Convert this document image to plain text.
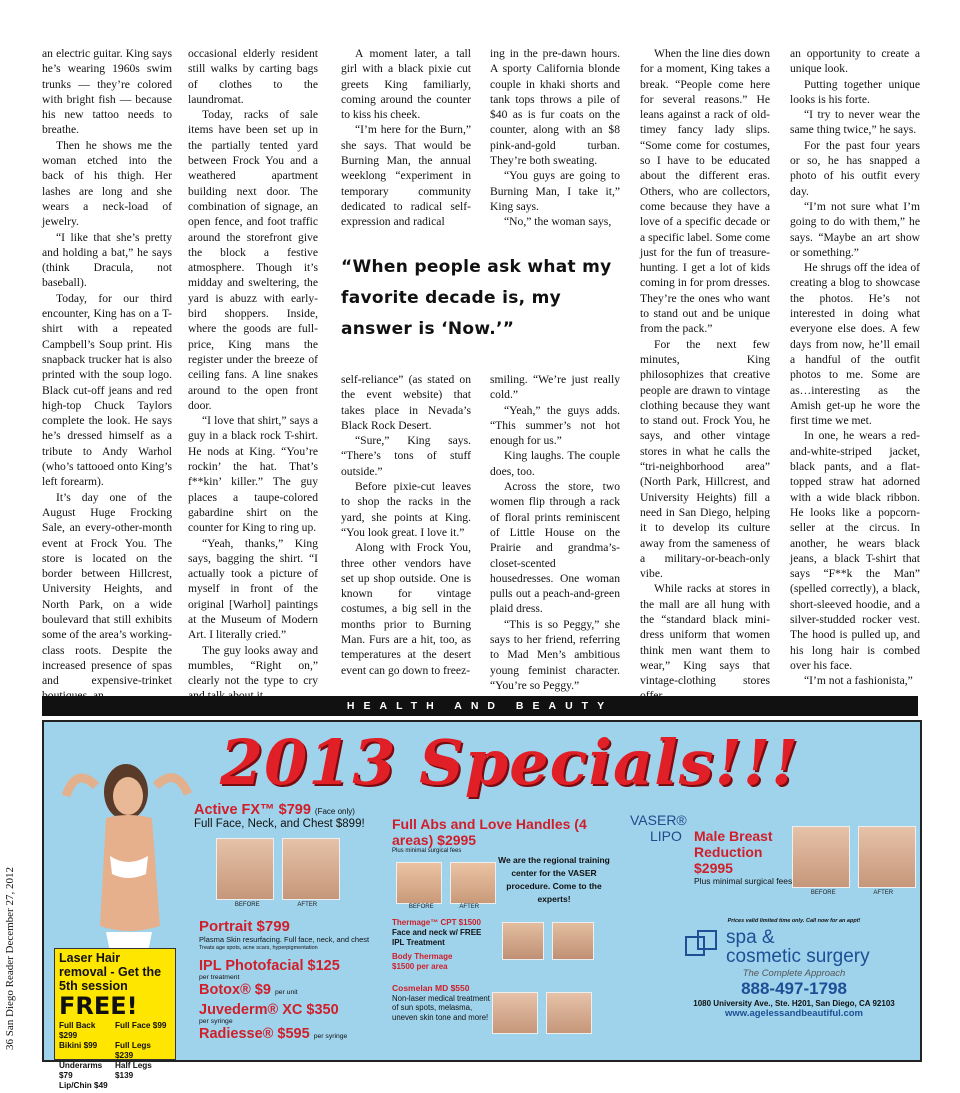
an electric guitar. King says he’s wearing 1960s swim trunks — they’re colored with bright fish — because his new tattoo needs to breathe.

Then he shows me the woman etched into the back of his thigh. Her lashes are long and she wears a neck-load of jewelry.

“I like that she’s pretty and holding a bat,” he says (think Dracula, not baseball).

Today, for our third encounter, King has on a T-shirt with a repeated Campbell’s Soup print. His snapback trucker hat is also printed with the soup logo. Black cut-off jeans and red high-top Chuck Taylors complete the look. He says he’s dressed himself as a tribute to Andy Warhol (who’s tattooed onto King’s left forearm).

It’s day one of the August Huge Frocking Sale, an every-other-month event at Frock You. The store is located on the border between Hillcrest, University Heights, and North Park, on a wide boulevard that still exhibits some of the area’s working-class roots. Despite the increased presence of spas and expensive-trinket

occasional elderly resident still walks by carting bags of clothes to the laundromat.

Today, racks of sale items have been set up in the partially tented yard between Frock You and a weathered apartment building next door. The combination of signage, an open fence, and foot traffic around the storefront give the block a festive atmosphere. Though it’s midday and sweltering, the yard is abuzz with early-bird shoppers. Inside, where the goods are full-price, King mans the register under the breeze of ceiling fans. A line snakes around to the open front door.

“I love that shirt,” says a guy in a black rock T-shirt. He nods at King. “You’re rockin’ the hat. That’s f**kin’ killer.” The guy places a taupe-colored gabardine shirt on the counter for King to ring up.

“Yeah, thanks,” King says, bagging the shirt. “I actually took a picture of myself in front of the original [Warhol] paintings at the Museum of Modern Art. I literally cried.”

The guy looks away and mumbles, “Right on,” clearly not the type to cry

A moment later, a tall girl with a black pixie cut greets King familiarly, coming around the counter to kiss his cheek.

“I’m here for the Burn,” she says. That would be Burning Man, the annual weeklong “experiment in temporary community dedicated to radical self-expression and radical

ing in the pre-dawn hours. A sporty California blonde couple in khaki shorts and tank tops throws a pile of $40 as is fur coats on the counter, along with an $8 pink-and-gold turban. They’re both sweating.

“You guys are going to Burning Man, I take it,” King says.

“No,” the woman says,

“When people ask what my favorite decade is, my answer is ‘Now.’”

self-reliance” (as stated on the event website) that takes place in Nevada’s Black Rock Desert.

“Sure,” King says. “There’s tons of stuff outside.”

Before pixie-cut leaves to shop the racks in the yard, she points at King. “You look great. I love it.”

Along with Frock You, three other vendors have set up shop outside. One is known for vintage costumes, a big sell in the months prior to Burning Man. Furs are a hit, too, as temperatures at the desert event can go down to freez-

smiling. “We’re just really cold.”

“Yeah,” the guys adds. “This summer’s not hot enough for us.”

King laughs. The couple does, too.

Across the store, two women flip through a rack of floral prints reminiscent of Little House on the Prairie and grandma’s-closet-scented housedresses. One woman pulls out a peach-and-green plaid dress.

“This is so Peggy,” she says to her friend, referring to Mad Men’s ambitious young feminist character. “You’re so Peggy.”

When the line dies down for a moment, King takes a break. “People come here for several reasons.” He leans against a rack of old-timey fancy lady slips. “Some come for costumes, so I have to be educated about the different eras. Others, who are collectors, come because they have a love of a specific decade or a specific label. Some come just for the fun of treasure-hunting. I get a lot of kids coming in for prom dresses. They’re the ones who want to stand out and be unique from the pack.”

For the next few minutes, King philosophizes that creative people are drawn to vintage clothing because they want to stand out. Frock You, he says, and other vintage stores in what he calls the “tri-neighborhood area” (North Park, Hillcrest, and University Heights) fill a need in San Diego, helping it to develop its culture away from the sameness of a military-or-beach-only vibe.

While racks at stores in the mall are all hung with the “standard black mini-dress uniform that women think men want them to wear,” King says that vintage-clothing stores

an opportunity to create a unique look.

Putting together unique looks is his forte.

“I try to never wear the same thing twice,” he says.

For the past four years or so, he has snapped a photo of his outfit every day.

“I’m not sure what I’m going to do with them,” he says. “Maybe an art show or something.”

He shrugs off the idea of creating a blog to showcase the photos. He’s not interested in doing what everyone else does. A few days from now, he’ll email a handful of the outfit photos to me. Some are as…interesting as the Amish get-up he wore the first time we met.

In one, he wears a red-and-white-striped jacket, black pants, and a flat-topped straw hat adorned with a wide black ribbon. He looks like a popcorn-seller at the circus. In another, he wears black jeans, a black T-shirt that says “F**k the Man” (spelled correctly), a black, short-sleeved hoodie, and a silver-studded rocker vest. The hood is pulled up, and his long hair is combed over his face.

“I’m not a fashionista,”

HEALTH AND BEAUTY
36 San Diego Reader December 27, 2012
2013 Specials!!!
Laser Hair removal - Get the 5th session
FREE!
Full Back $299
Full Face $99
Bikini $99	Full Legs $239
Underarms $79
Half Legs $139
Lip/Chin $49
Active FX™ $799 (Face only)
Full Face, Neck, and Chest $899!
BEFORE	AFTER
Portrait $799
Plasma Skin resurfacing. Full face, neck, and chest
Treats age spots, acne scars, hyperpigmentation
IPL Photofacial $125
per treatment
Botox® $9 per unit
Juvederm® XC $350
per syringe
Radiesse® $595 per syringe
Full Abs and Love Handles (4 areas) $2995
Plus minimal surgical fees
VASER®
LIPO
We are the regional training center for the VASER procedure. Come to the experts!
BEFORE	AFTER
Thermage™ CPT $1500
Face and neck w/ FREE IPL Treatment
Body Thermage
$1500 per area
Cosmelan MD $550
Non-laser medical treatment of sun spots, melasma, uneven skin tone and more!
Male Breast Reduction
$2995
Plus minimal surgical fees
BEFORE	AFTER
Prices valid limited time only. Call now for an appt!
spa &
cosmetic surgery
The Complete Approach
888-497-1798
1080 University Ave., Ste. H201, San Diego, CA 92103
www.agelessandbeautiful.com
